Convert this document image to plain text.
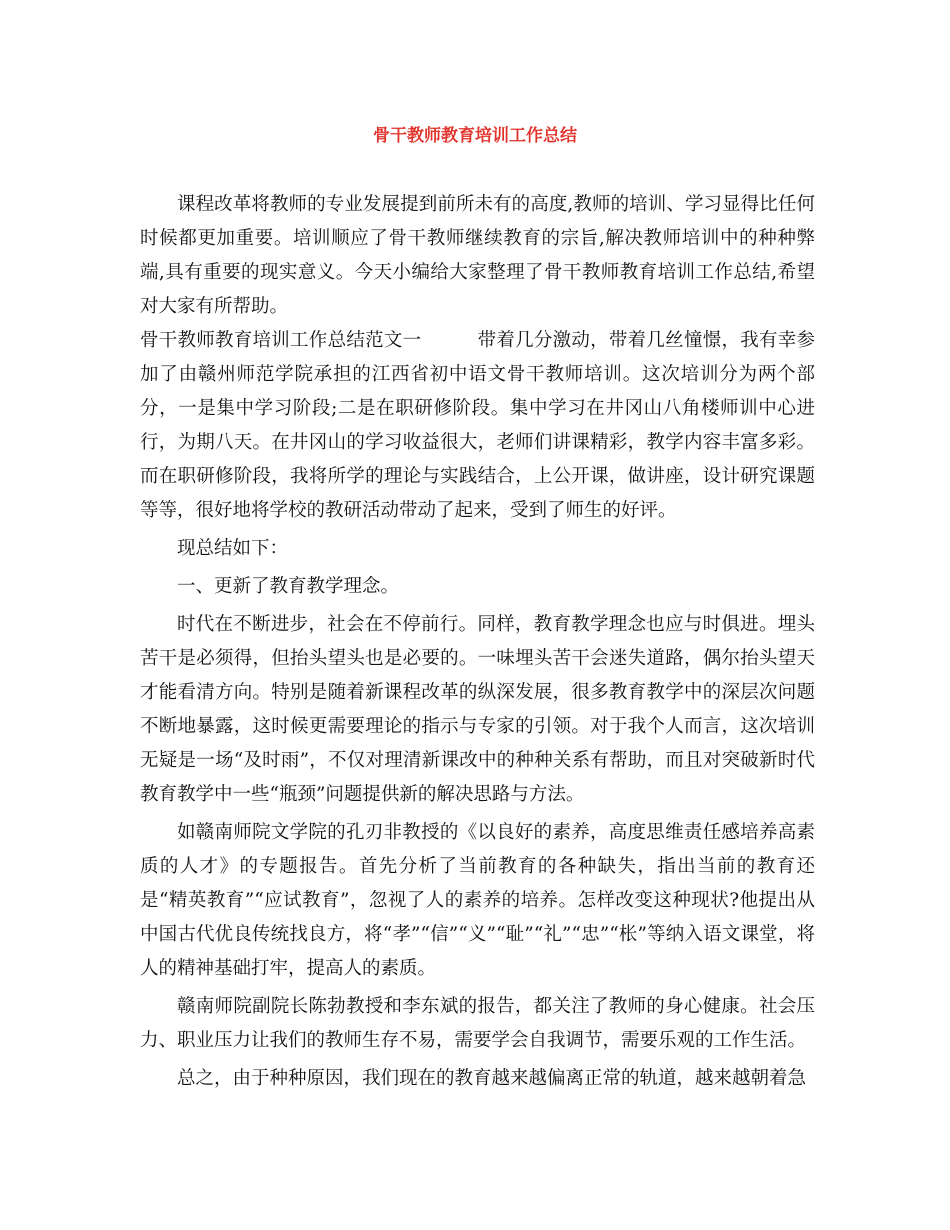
骨干教师教育培训工作总结

课程改革将教师的专业发展提到前所未有的高度,教师的培训、学习显得比任何时候都更加重要。培训顺应了骨干教师继续教育的宗旨,解决教师培训中的种种弊端,具有重要的现实意义。今天小编给大家整理了骨干教师教育培训工作总结,希望对大家有所帮助。

骨干教师教育培训工作总结范文一	带着几分激动，带着几丝憧憬，我有幸参加了由赣州师范学院承担的江西省初中语文骨干教师培训。这次培训分为两个部分，一是集中学习阶段;二是在职研修阶段。集中学习在井冈山八角楼师训中心进行，为期八天。在井冈山的学习收益很大，老师们讲课精彩，教学内容丰富多彩。而在职研修阶段，我将所学的理论与实践结合，上公开课，做讲座，设计研究课题等等，很好地将学校的教研活动带动了起来，受到了师生的好评。

现总结如下：

一、更新了教育教学理念。

时代在不断进步，社会在不停前行。同样，教育教学理念也应与时俱进。埋头苦干是必须得，但抬头望头也是必要的。一味埋头苦干会迷失道路，偶尔抬头望天才能看清方向。特别是随着新课程改革的纵深发展，很多教育教学中的深层次问题不断地暴露，这时候更需要理论的指示与专家的引领。对于我个人而言，这次培训无疑是一场“及时雨”，不仅对理清新课改中的种种关系有帮助，而且对突破新时代教育教学中一些“瓶颈”问题提供新的解决思路与方法。

如赣南师院文学院的孔刃非教授的《以良好的素养，高度思维责任感培养高素质的人才》的专题报告。首先分析了当前教育的各种缺失，指出当前的教育还是“精英教育”“应试教育”，忽视了人的素养的培养。怎样改变这种现状?他提出从中国古代优良传统找良方，将“孝”“信”“义”“耻”“礼”“忠”“枨”等纳入语文课堂，将人的精神基础打牢，提高人的素质。

赣南师院副院长陈勃教授和李东斌的报告，都关注了教师的身心健康。社会压力、职业压力让我们的教师生存不易，需要学会自我调节，需要乐观的工作生活。

总之，由于种种原因，我们现在的教育越来越偏离正常的轨道，越来越朝着急
